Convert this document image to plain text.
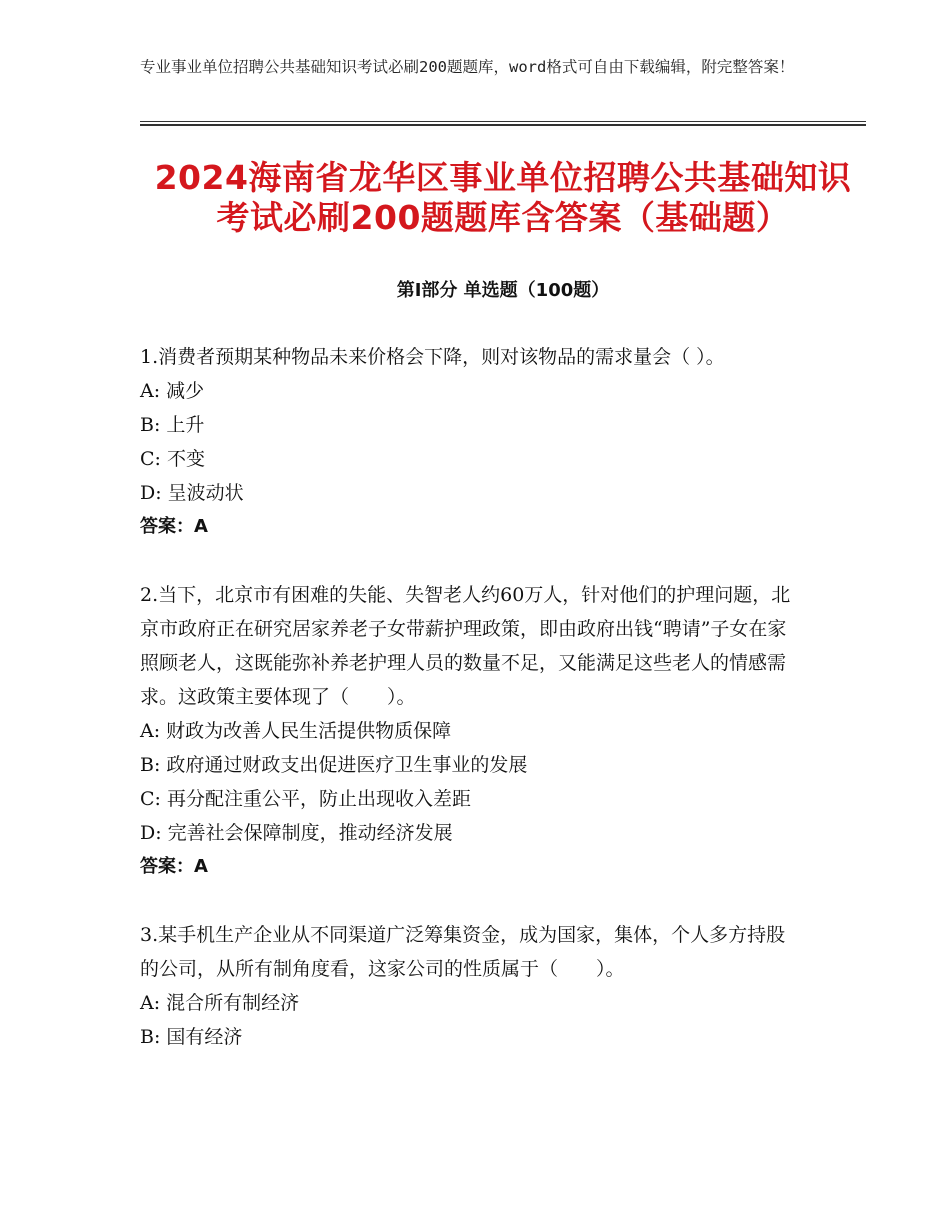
专业事业单位招聘公共基础知识考试必刷200题题库，word格式可自由下载编辑，附完整答案！
2024海南省龙华区事业单位招聘公共基础知识考试必刷200题题库含答案（基础题）
第Ⅰ部分 单选题（100题）

1.消费者预期某种物品未来价格会下降，则对该物品的需求量会（ ）。

A: 减少

B: 上升

C: 不变

D: 呈波动状

答案：A

2.当下，北京市有困难的失能、失智老人约60万人，针对他们的护理问题，北京市政府正在研究居家养老子女带薪护理政策，即由政府出钱“聘请”子女在家照顾老人，这既能弥补养老护理人员的数量不足，又能满足这些老人的情感需求。这政策主要体现了（　　）。

A: 财政为改善人民生活提供物质保障

B: 政府通过财政支出促进医疗卫生事业的发展

C: 再分配注重公平，防止出现收入差距

D: 完善社会保障制度，推动经济发展

答案：A

3.某手机生产企业从不同渠道广泛筹集资金，成为国家，集体，个人多方持股的公司，从所有制角度看，这家公司的性质属于（　　）。

A: 混合所有制经济

B: 国有经济
